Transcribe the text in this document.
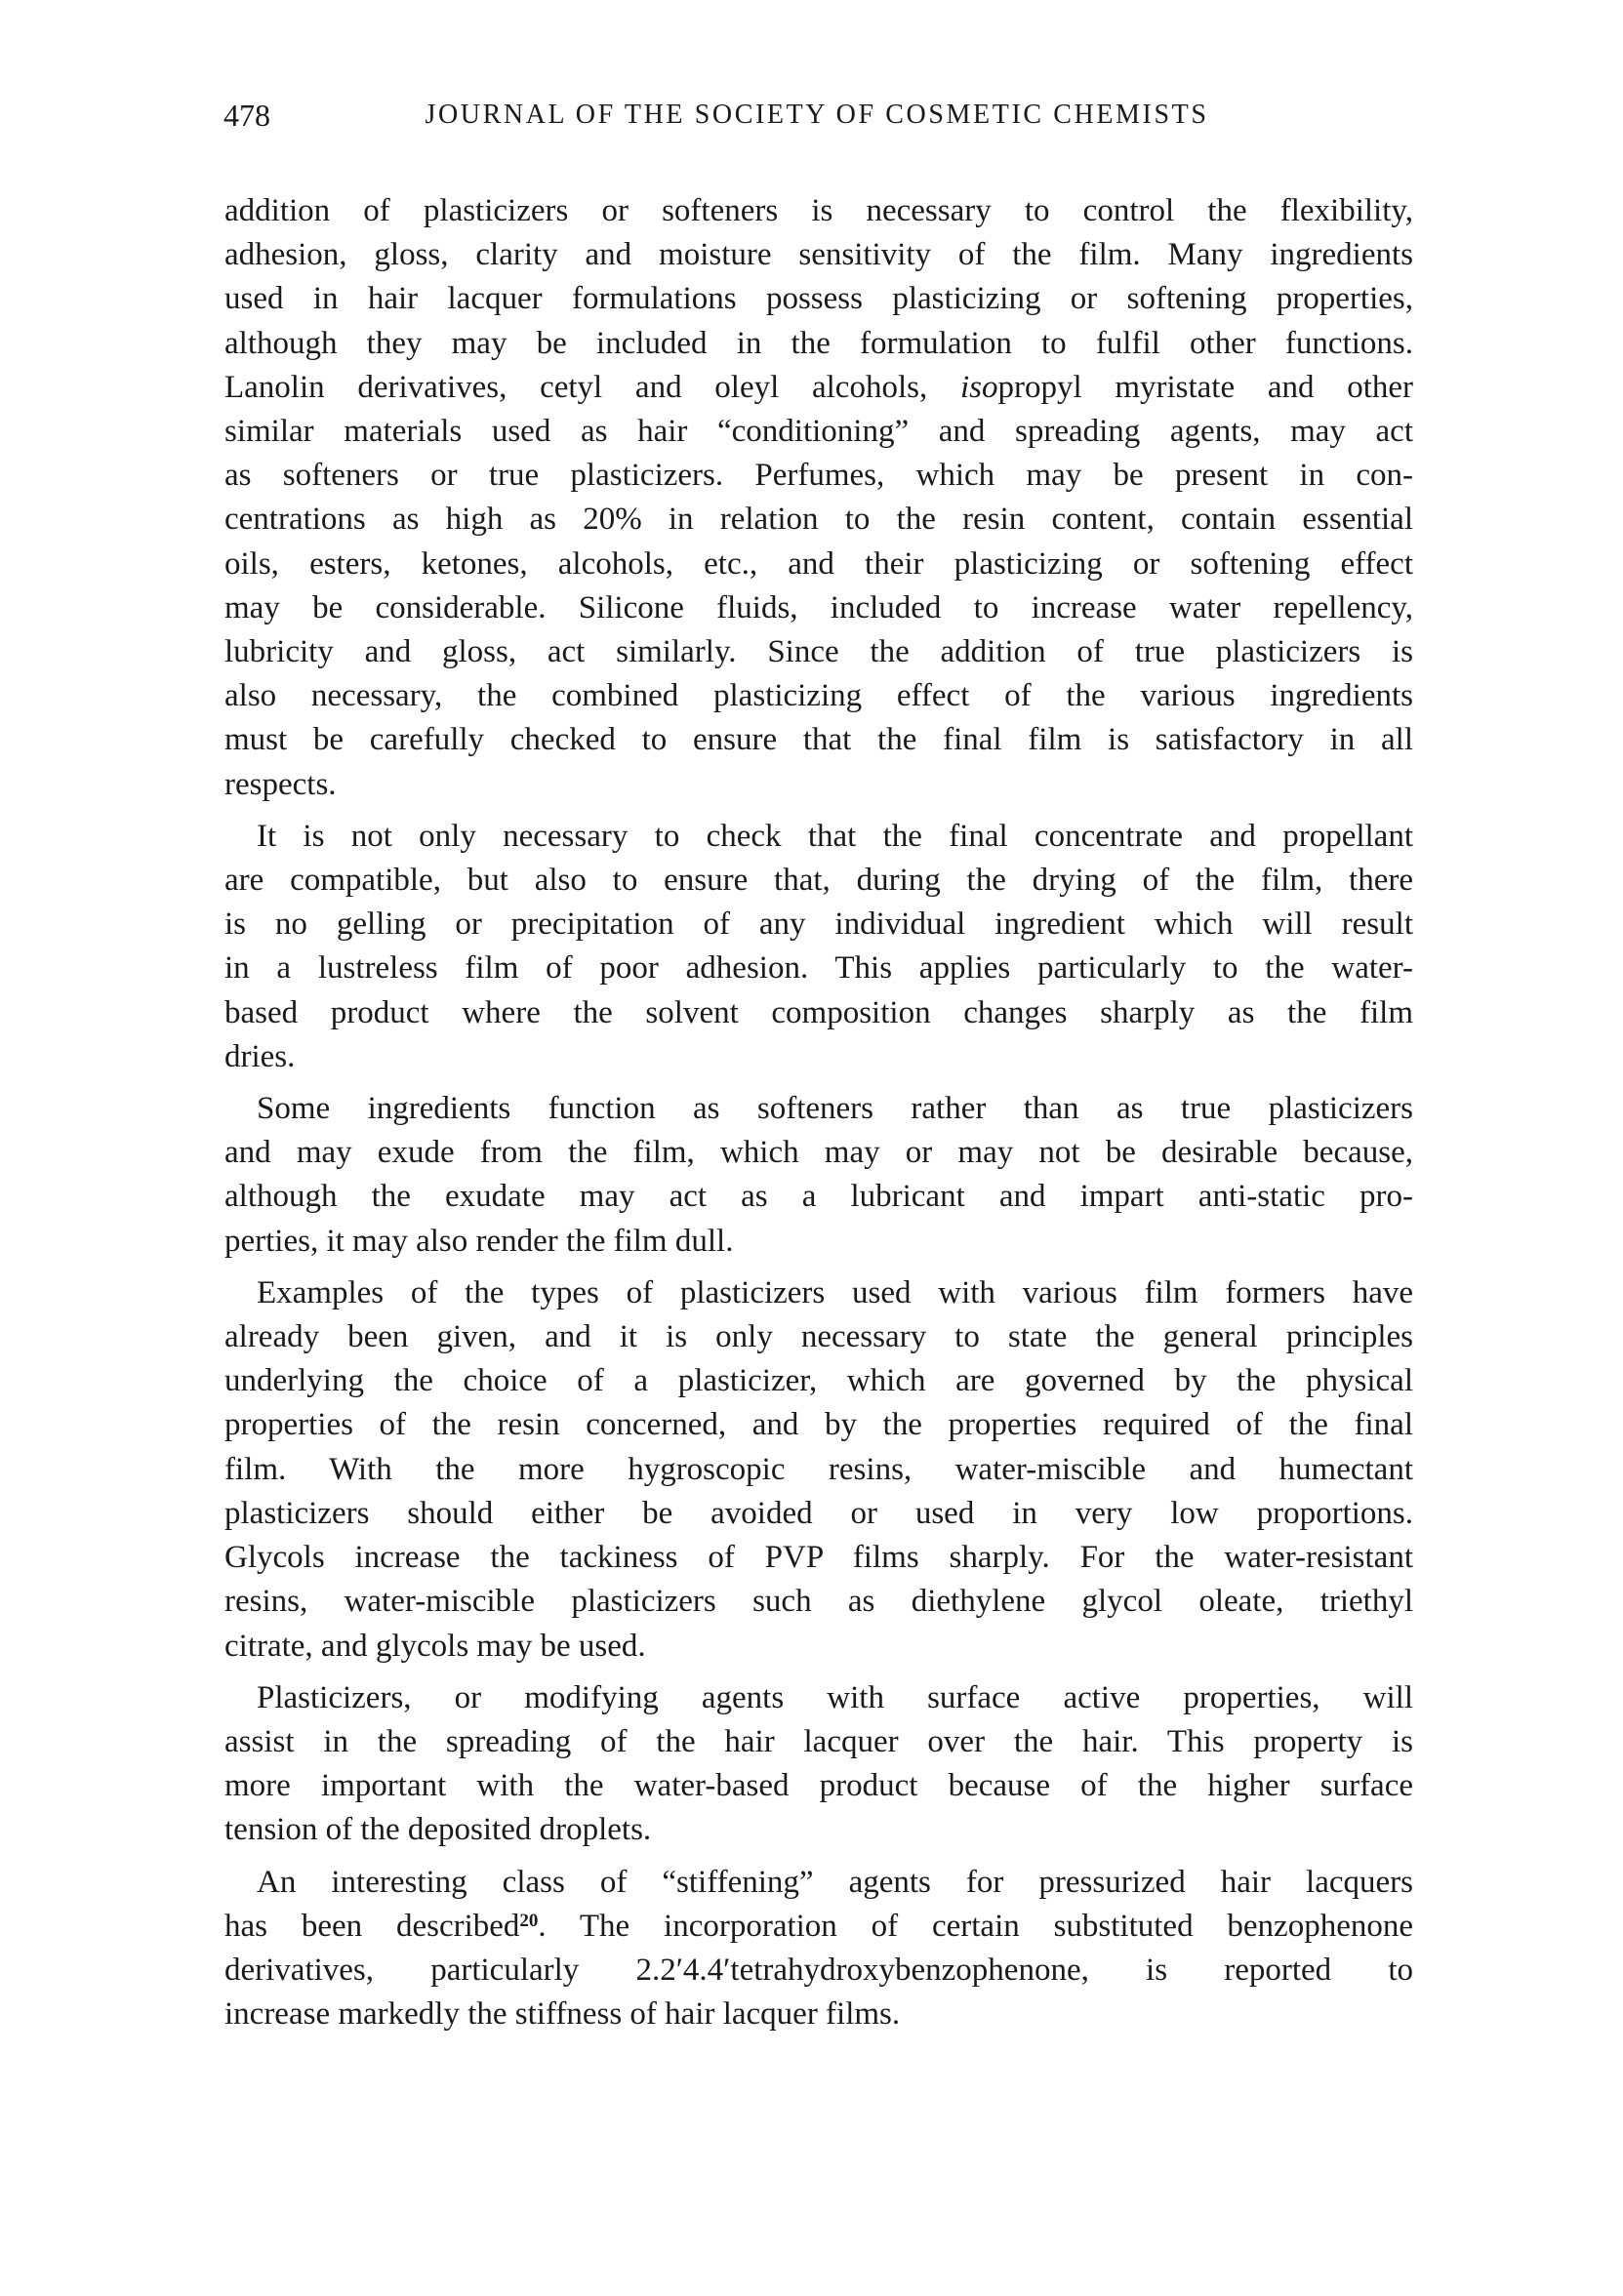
478	JOURNAL OF THE SOCIETY OF COSMETIC CHEMISTS
addition of plasticizers or softeners is necessary to control the flexibility,
adhesion, gloss, clarity and moisture sensitivity of the film. Many ingredients
used in hair lacquer formulations possess plasticizing or softening properties,
although they may be included in the formulation to fulfil other functions.
Lanolin derivatives, cetyl and oleyl alcohols, isopropyl myristate and other
similar materials used as hair “conditioning” and spreading agents, may act
as softeners or true plasticizers. Perfumes, which may be present in con-
centrations as high as 20% in relation to the resin content, contain essential
oils, esters, ketones, alcohols, etc., and their plasticizing or softening effect
may be considerable. Silicone fluids, included to increase water repellency,
lubricity and gloss, act similarly. Since the addition of true plasticizers is
also necessary, the combined plasticizing effect of the various ingredients
must be carefully checked to ensure that the final film is satisfactory in all
respects.
It is not only necessary to check that the final concentrate and propellant
are compatible, but also to ensure that, during the drying of the film, there
is no gelling or precipitation of any individual ingredient which will result
in a lustreless film of poor adhesion. This applies particularly to the water-
based product where the solvent composition changes sharply as the film
dries.
Some ingredients function as softeners rather than as true plasticizers
and may exude from the film, which may or may not be desirable because,
although the exudate may act as a lubricant and impart anti-static pro-
perties, it may also render the film dull.
Examples of the types of plasticizers used with various film formers have
already been given, and it is only necessary to state the general principles
underlying the choice of a plasticizer, which are governed by the physical
properties of the resin concerned, and by the properties required of the final
film. With the more hygroscopic resins, water-miscible and humectant
plasticizers should either be avoided or used in very low proportions.
Glycols increase the tackiness of PVP films sharply. For the water-resistant
resins, water-miscible plasticizers such as diethylene glycol oleate, triethyl
citrate, and glycols may be used.
Plasticizers, or modifying agents with surface active properties, will
assist in the spreading of the hair lacquer over the hair. This property is
more important with the water-based product because of the higher surface
tension of the deposited droplets.
An interesting class of “stiffening” agents for pressurized hair lacquers
has been described$^{20}$. The incorporation of certain substituted benzophenone
derivatives, particularly 2.2′4.4′tetrahydroxybenzophenone, is reported to
increase markedly the stiffness of hair lacquer films.
